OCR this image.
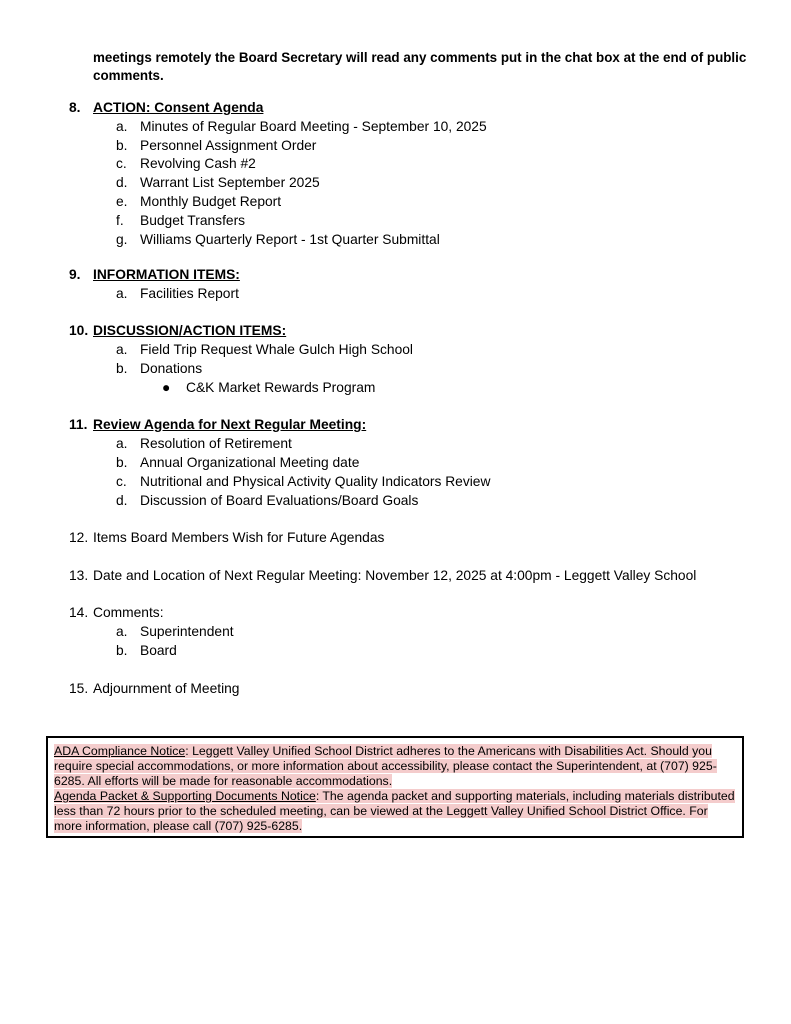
meetings remotely the Board Secretary will read any comments put in the chat box at the end of public comments.
8. ACTION: Consent Agenda
a. Minutes of Regular Board Meeting - September 10, 2025
b. Personnel Assignment Order
c. Revolving Cash #2
d. Warrant List September 2025
e. Monthly Budget Report
f. Budget Transfers
g. Williams Quarterly Report - 1st Quarter Submittal
9. INFORMATION ITEMS:
a. Facilities Report
10. DISCUSSION/ACTION ITEMS:
a. Field Trip Request Whale Gulch High School
b. Donations
● C&K Market Rewards Program
11. Review Agenda for Next Regular Meeting:
a. Resolution of Retirement
b. Annual Organizational Meeting date
c. Nutritional and Physical Activity Quality Indicators Review
d. Discussion of Board Evaluations/Board Goals
12. Items Board Members Wish for Future Agendas
13. Date and Location of Next Regular Meeting: November 12, 2025 at 4:00pm - Leggett Valley School
14. Comments:
a. Superintendent
b. Board
15. Adjournment of Meeting
ADA Compliance Notice: Leggett Valley Unified School District adheres to the Americans with Disabilities Act. Should you require special accommodations, or more information about accessibility, please contact the Superintendent, at (707) 925-6285. All efforts will be made for reasonable accommodations.
Agenda Packet & Supporting Documents Notice: The agenda packet and supporting materials, including materials distributed less than 72 hours prior to the scheduled meeting, can be viewed at the Leggett Valley Unified School District Office. For more information, please call (707) 925-6285.
